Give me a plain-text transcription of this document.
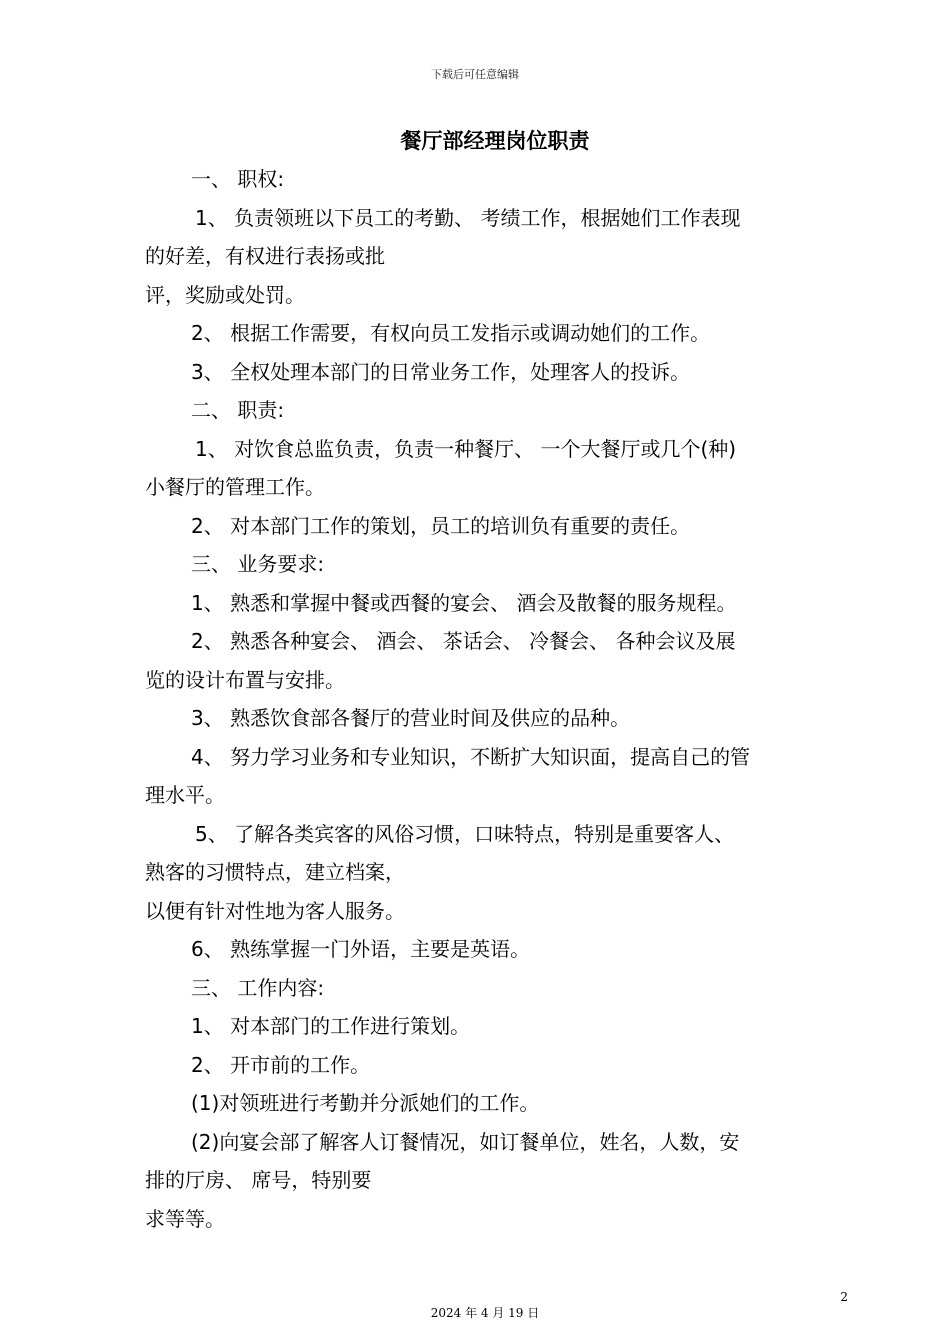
下载后可任意编辑
餐厅部经理岗位职责

一、 职权:

1、 负责领班以下员工的考勤、 考绩工作，根据她们工作表现

的好差，有权进行表扬或批

评，奖励或处罚。

2、 根据工作需要，有权向员工发指示或调动她们的工作。

3、 全权处理本部门的日常业务工作，处理客人的投诉。

二、 职责:

1、 对饮食总监负责，负责一种餐厅、 一个大餐厅或几个(种)

小餐厅的管理工作。

2、 对本部门工作的策划，员工的培训负有重要的责任。

三、 业务要求:

1、 熟悉和掌握中餐或西餐的宴会、 酒会及散餐的服务规程。

2、 熟悉各种宴会、 酒会、 茶话会、 冷餐会、 各种会议及展

览的设计布置与安排。

3、 熟悉饮食部各餐厅的营业时间及供应的品种。

4、 努力学习业务和专业知识，不断扩大知识面，提高自己的管

理水平。

5、 了解各类宾客的风俗习惯，口味特点，特别是重要客人、

熟客的习惯特点，建立档案，

以便有针对性地为客人服务。

6、 熟练掌握一门外语，主要是英语。

三、 工作内容:

1、 对本部门的工作进行策划。

2、 开市前的工作。

(1)对领班进行考勤并分派她们的工作。

(2)向宴会部了解客人订餐情况，如订餐单位，姓名，人数，安

排的厅房、 席号，特别要

求等等。

2
2024 年 4 月 19 日
